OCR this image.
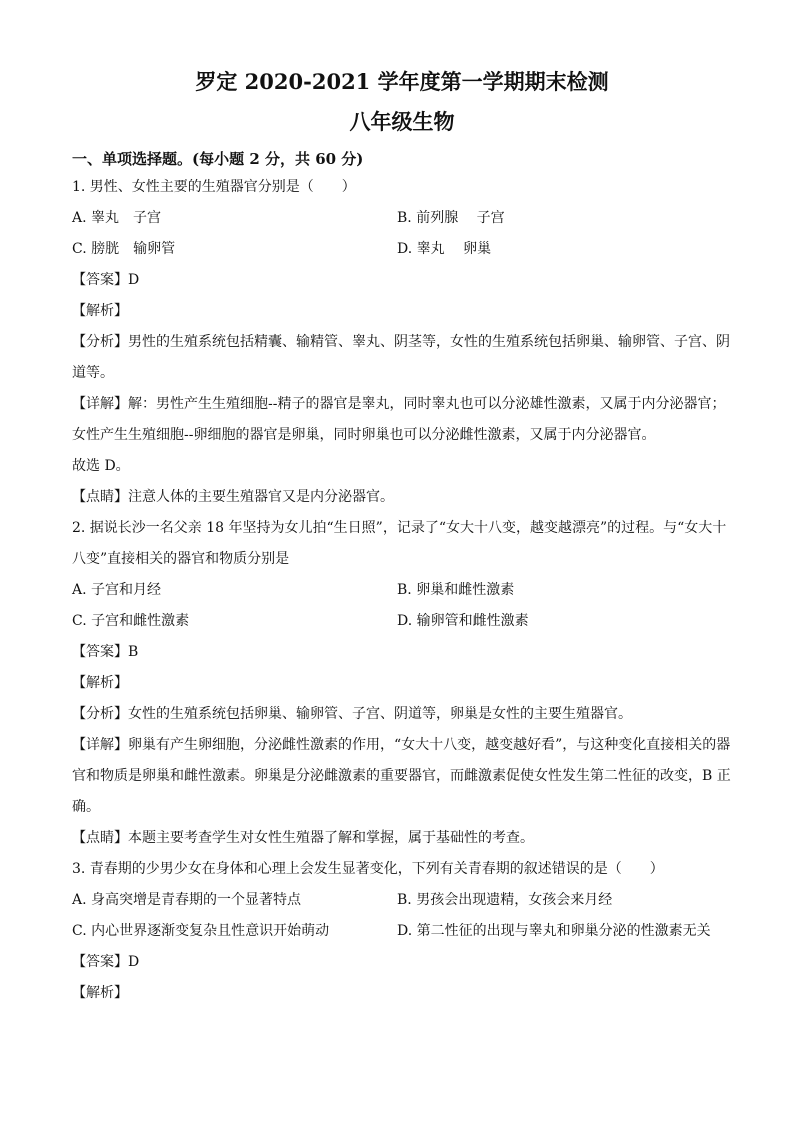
罗定 2020-2021 学年度第一学期期末检测
八年级生物
一、单项选择题。(每小题 2 分，共 60 分)
1. 男性、女性主要的生殖器官分别是（　　）
A. 睾丸　子宫	B. 前列腺　 子宫
C. 膀胱　输卵管	D. 睾丸　 卵巢
【答案】D
【解析】
【分析】男性的生殖系统包括精囊、输精管、睾丸、阴茎等，女性的生殖系统包括卵巢、输卵管、子宫、阴道等。
【详解】解：男性产生生殖细胞--精子的器官是睾丸，同时睾丸也可以分泌雄性激素，又属于内分泌器官；女性产生生殖细胞--卵细胞的器官是卵巢，同时卵巢也可以分泌雌性激素，又属于内分泌器官。
故选 D。
【点睛】注意人体的主要生殖器官又是内分泌器官。
2. 据说长沙一名父亲 18 年坚持为女儿拍“生日照”，记录了“女大十八变，越变越漂亮”的过程。与“女大十八变”直接相关的器官和物质分别是
A. 子宫和月经	B. 卵巢和雌性激素
C. 子宫和雌性激素	D. 输卵管和雌性激素
【答案】B
【解析】
【分析】女性的生殖系统包括卵巢、输卵管、子宫、阴道等，卵巢是女性的主要生殖器官。
【详解】卵巢有产生卵细胞，分泌雌性激素的作用，“女大十八变，越变越好看”，与这种变化直接相关的器官和物质是卵巢和雌性激素。卵巢是分泌雌激素的重要器官，而雌激素促使女性发生第二性征的改变，B 正确。
【点睛】本题主要考查学生对女性生殖器了解和掌握，属于基础性的考查。
3. 青春期的少男少女在身体和心理上会发生显著变化，下列有关青春期的叙述错误的是（　　）
A. 身高突增是青春期的一个显著特点	B. 男孩会出现遗精，女孩会来月经
C. 内心世界逐渐变复杂且性意识开始萌动	D. 第二性征的出现与睾丸和卵巢分泌的性激素无关
【答案】D
【解析】
